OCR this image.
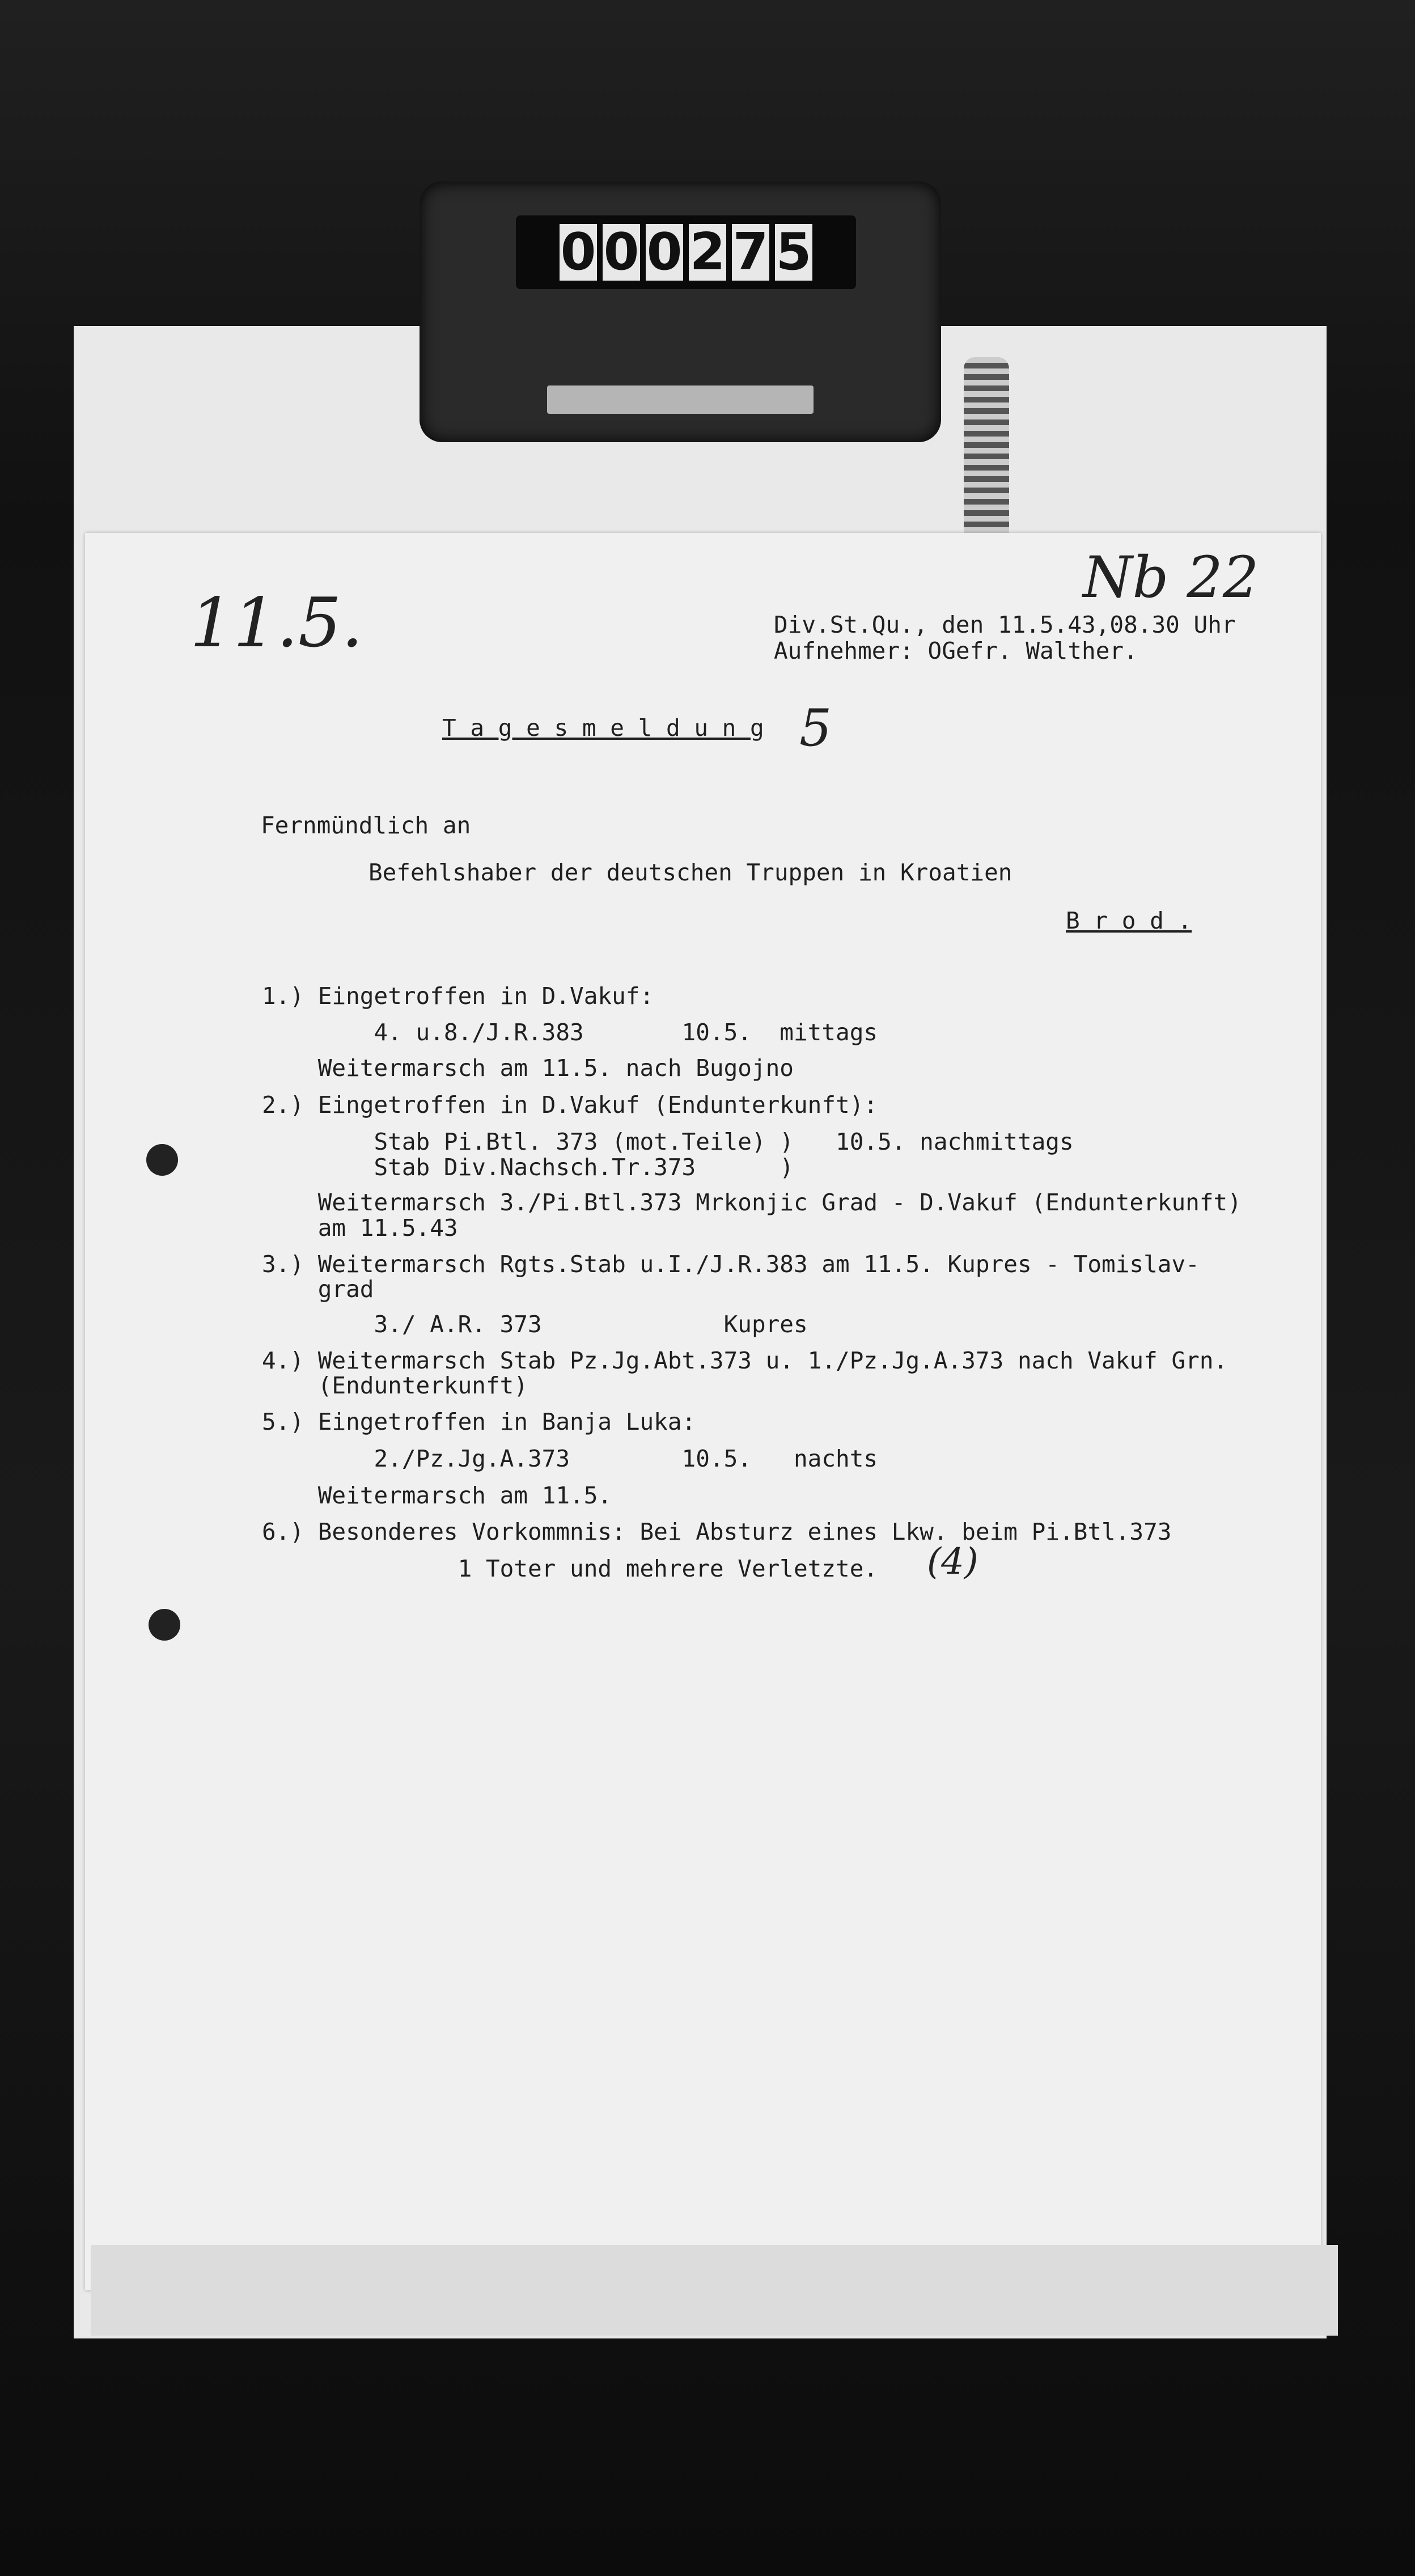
0 0 0 2 7 5
11.5.
Nb 22
Div.St.Qu., den 11.5.43,08.30 Uhr
Aufnehmer: OGefr. Walther.
T a g e s m e l d u n g 5
Fernmündlich an
Befehlshaber der deutschen Truppen in Kroatien
B r o d .
1.) Eingetroffen in D.Vakuf:
4. u.8./J.R.383       10.5.  mittags
Weitermarsch am 11.5. nach Bugojno
2.) Eingetroffen in D.Vakuf (Endunterkunft):
Stab Pi.Btl. 373 (mot.Teile) )   10.5. nachmittags
Stab Div.Nachsch.Tr.373      )
Weitermarsch 3./Pi.Btl.373 Mrkonjic Grad - D.Vakuf (Endunterkunft)
am 11.5.43
3.) Weitermarsch Rgts.Stab u.I./J.R.383 am 11.5. Kupres - Tomislav-
grad
3./ A.R. 373             Kupres
4.) Weitermarsch Stab Pz.Jg.Abt.373 u. 1./Pz.Jg.A.373 nach Vakuf Grn.
(Endunterkunft)
5.) Eingetroffen in Banja Luka:
2./Pz.Jg.A.373        10.5.   nachts
Weitermarsch am 11.5.
6.) Besonderes Vorkommnis: Bei Absturz eines Lkw. beim Pi.Btl.373
1 Toter und mehrere Verletzte. (4)
